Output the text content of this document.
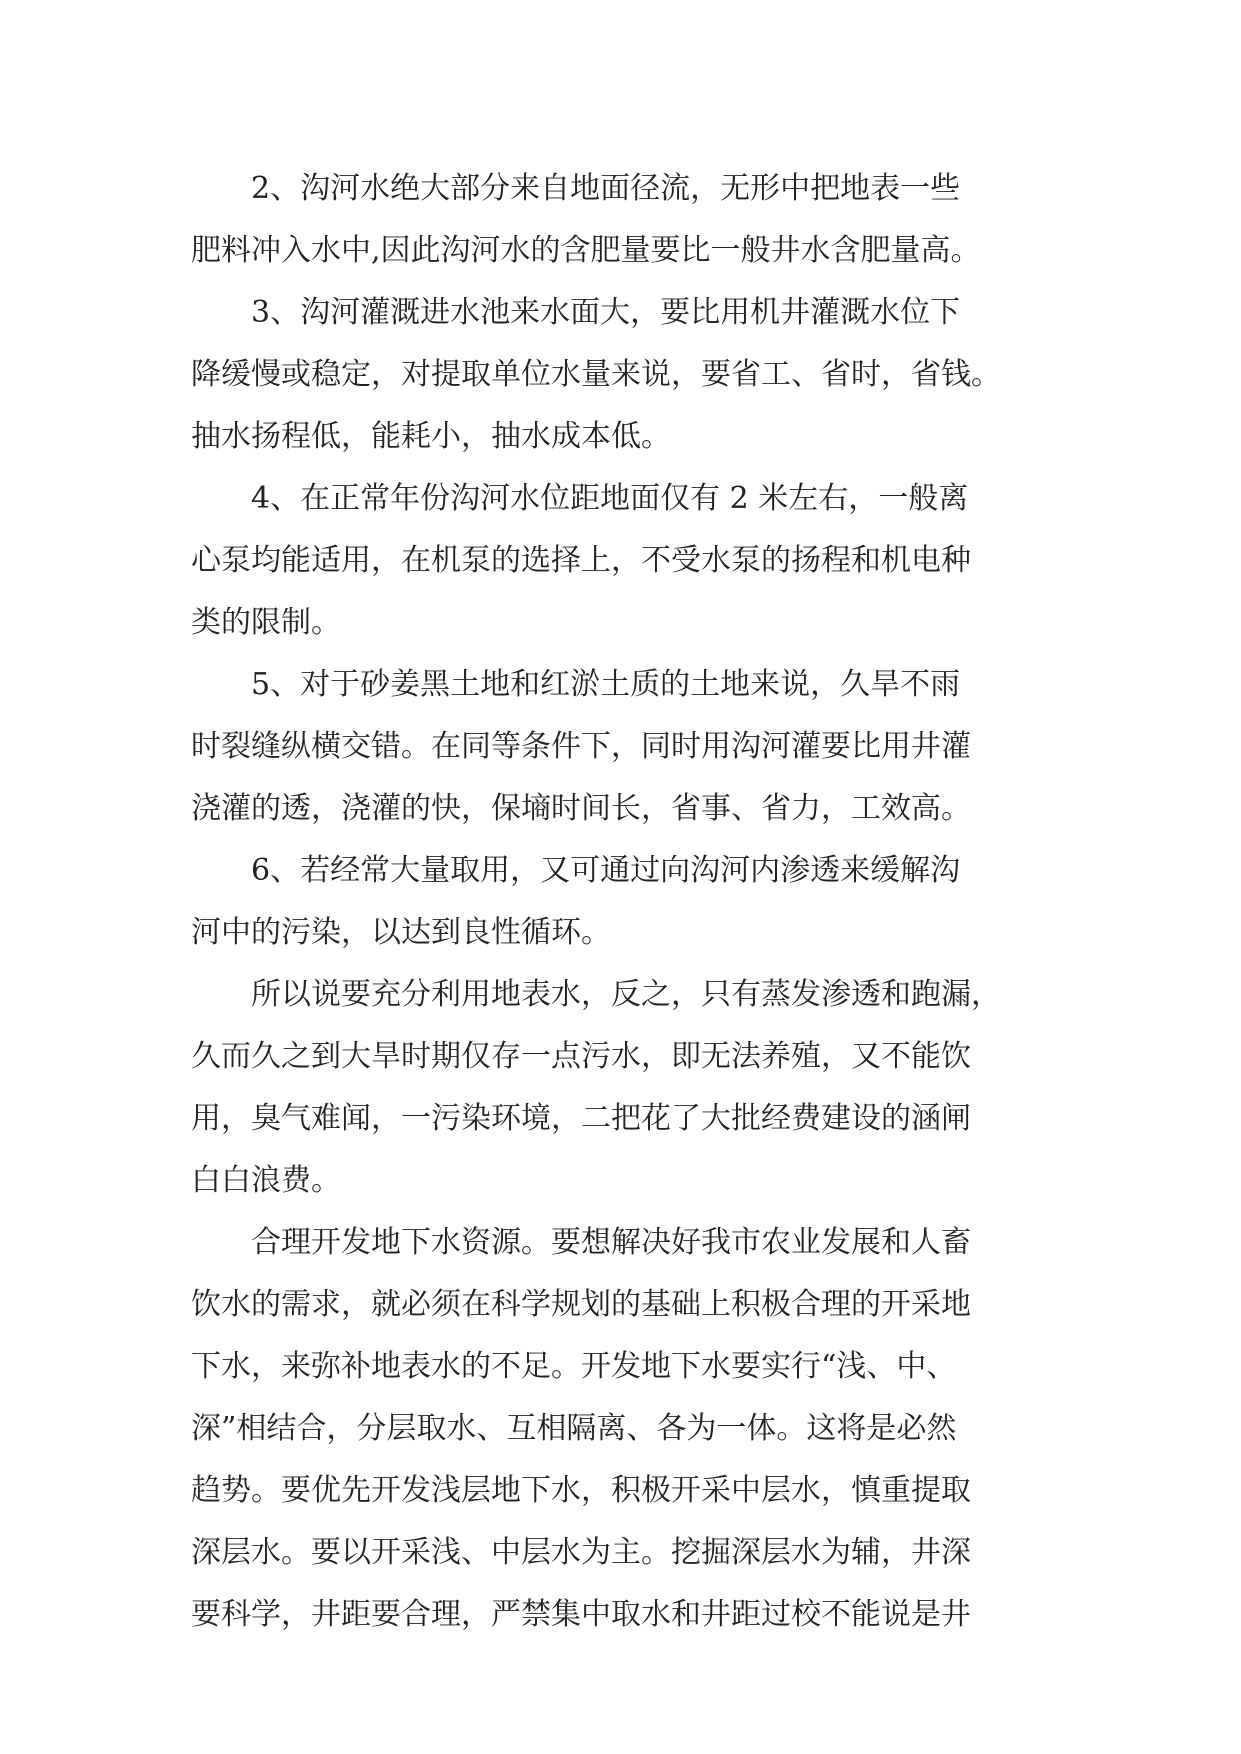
2、沟河水绝大部分来自地面径流，无形中把地表一些
肥料冲入水中,因此沟河水的含肥量要比一般井水含肥量高。
3、沟河灌溉进水池来水面大，要比用机井灌溉水位下
降缓慢或稳定，对提取单位水量来说，要省工、省时，省钱。
抽水扬程低，能耗小，抽水成本低。
4、在正常年份沟河水位距地面仅有 2 米左右，一般离
心泵均能适用，在机泵的选择上，不受水泵的扬程和机电种
类的限制。
5、对于砂姜黑土地和红淤土质的土地来说，久旱不雨
时裂缝纵横交错。在同等条件下，同时用沟河灌要比用井灌
浇灌的透，浇灌的快，保墒时间长，省事、省力，工效高。
6、若经常大量取用，又可通过向沟河内渗透来缓解沟
河中的污染，以达到良性循环。
所以说要充分利用地表水，反之，只有蒸发渗透和跑漏，
久而久之到大旱时期仅存一点污水，即无法养殖，又不能饮
用，臭气难闻，一污染环境，二把花了大批经费建设的涵闸
白白浪费。
合理开发地下水资源。要想解决好我市农业发展和人畜
饮水的需求，就必须在科学规划的基础上积极合理的开采地
下水，来弥补地表水的不足。开发地下水要实行“浅、中、
深”相结合，分层取水、互相隔离、各为一体。这将是必然
趋势。要优先开发浅层地下水，积极开采中层水，慎重提取
深层水。要以开采浅、中层水为主。挖掘深层水为辅，井深
要科学，井距要合理，严禁集中取水和井距过校不能说是井
